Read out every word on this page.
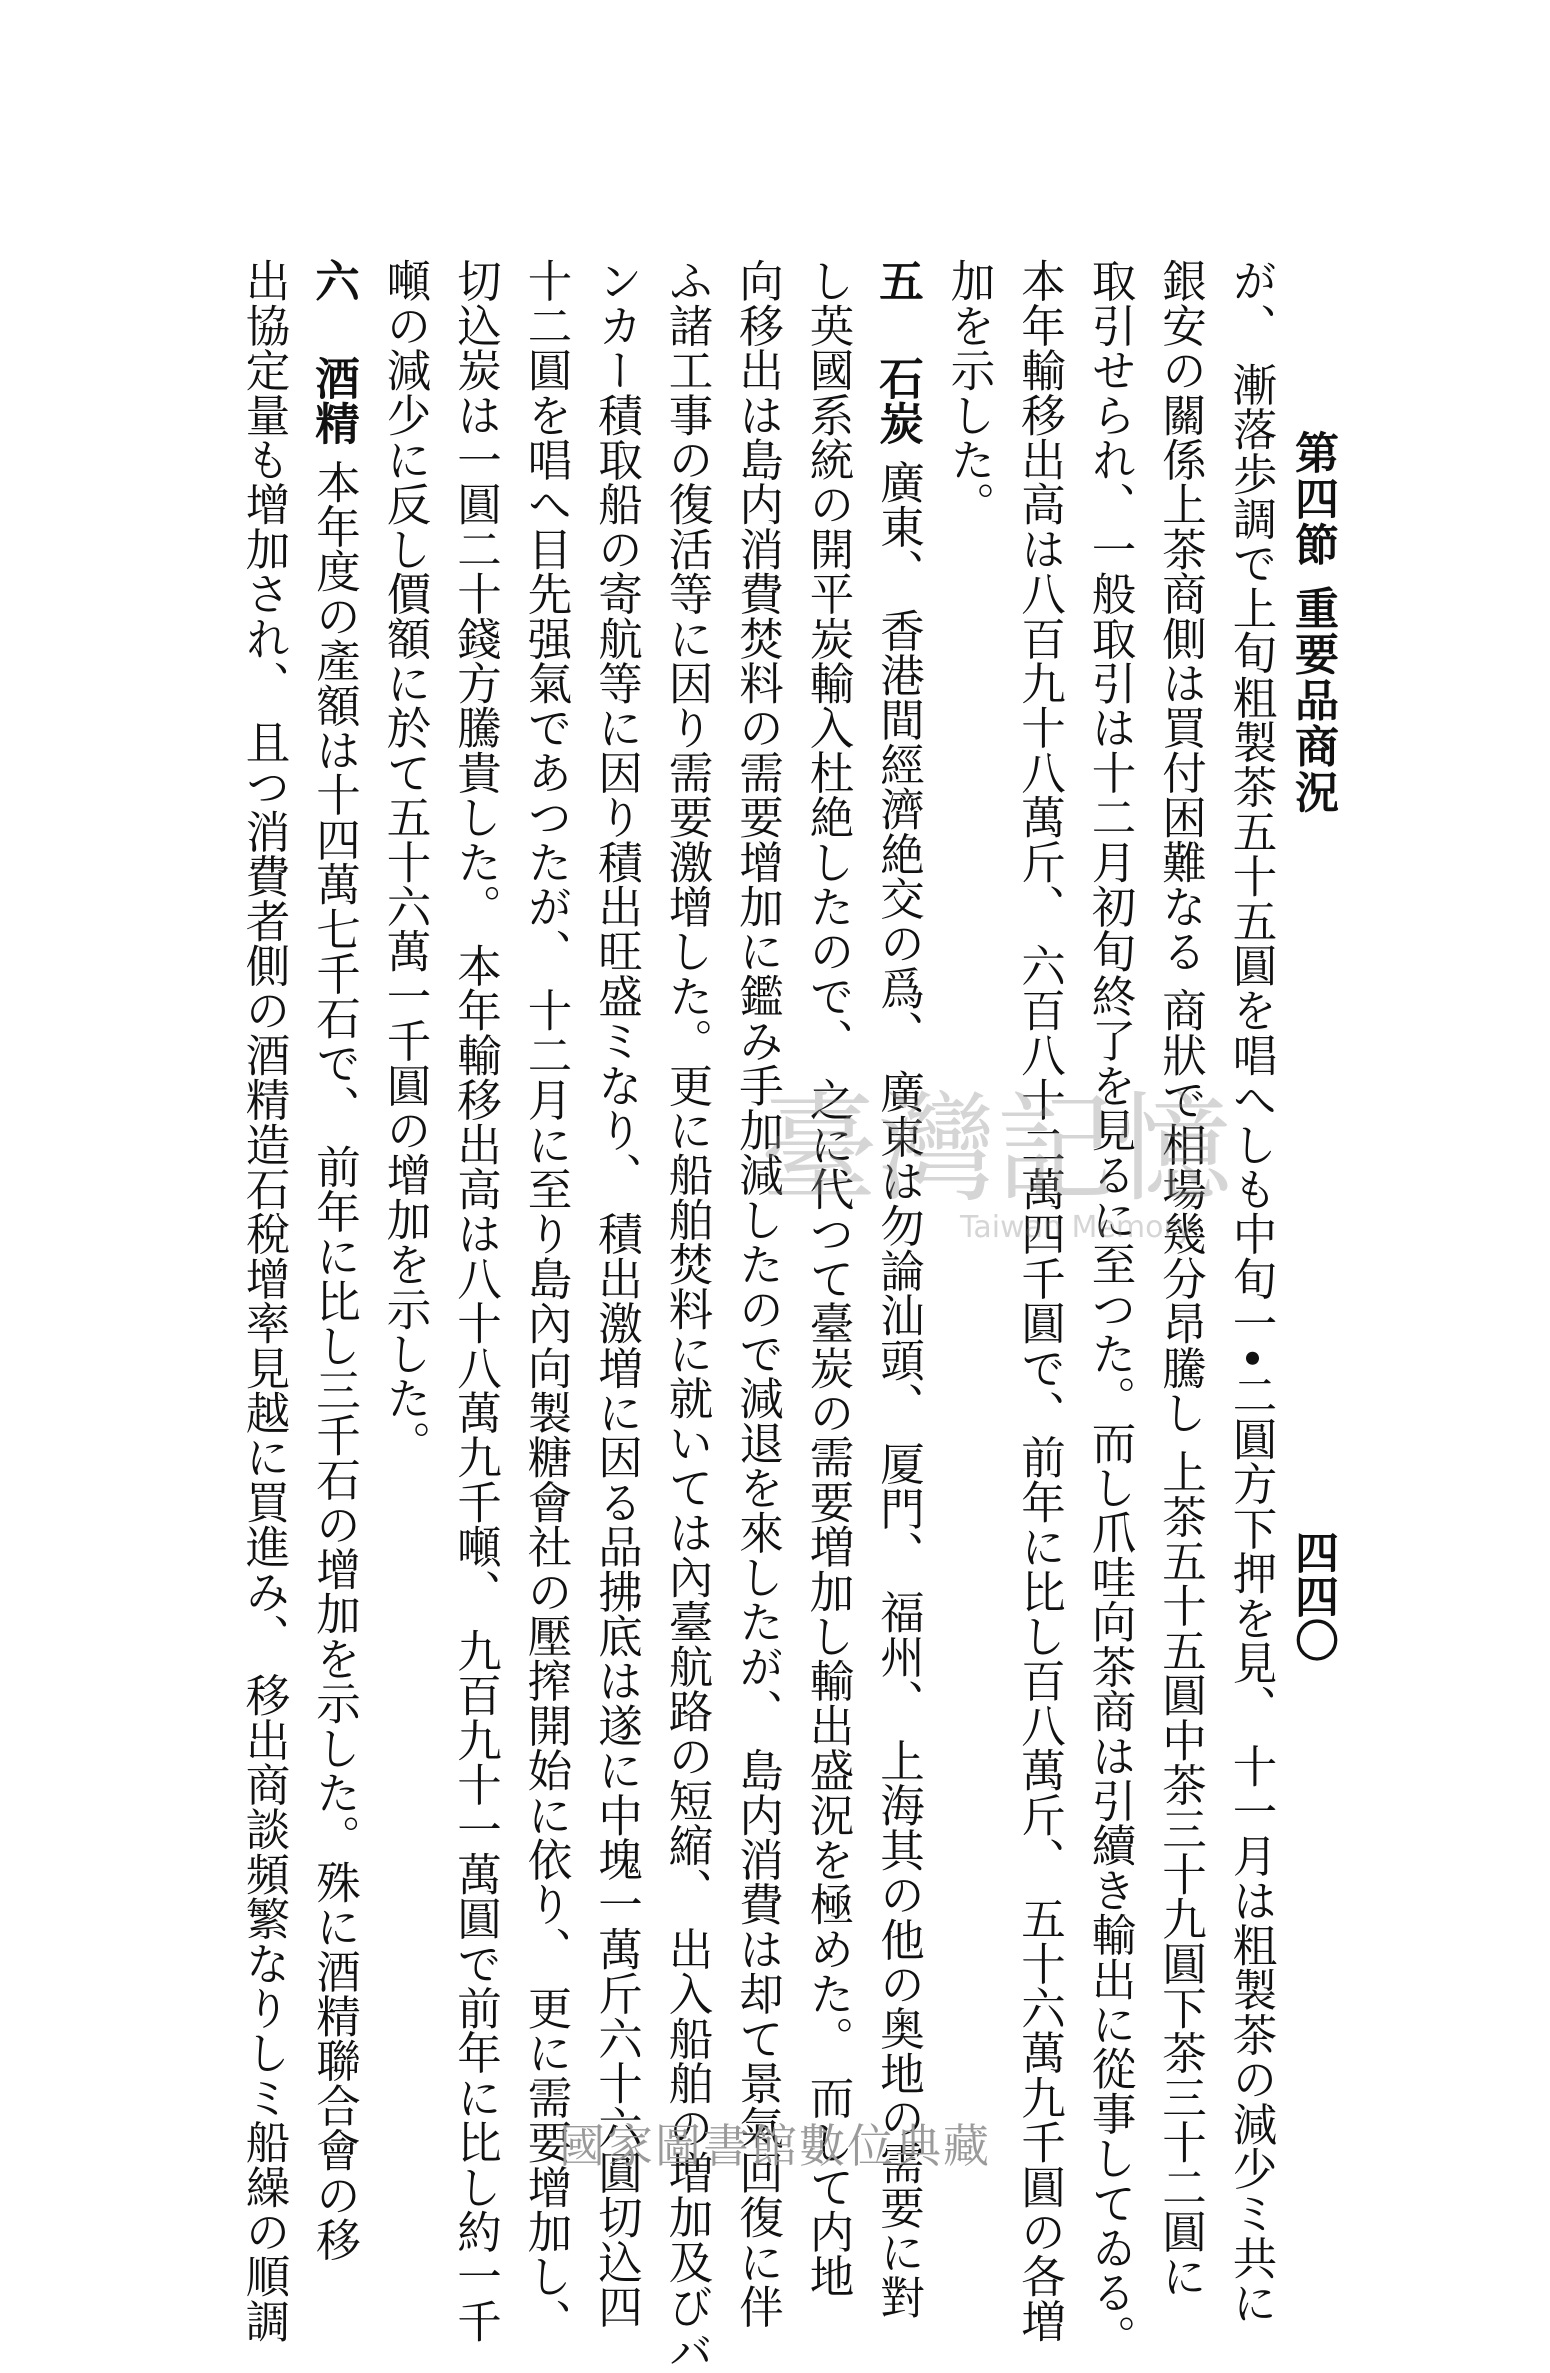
第四節 重要品商況
四四〇
が、 漸落歩調で上旬粗製茶五十五圓を唱へしも中旬一•二圓方下押を見、 十一月は粗製茶の減少ミ共に
銀安の關係上茶商側は買付困難なる 商狀で相場幾分昂騰し 上茶五十五圓中茶三十九圓下茶三十二圓に
取引せられ、一般取引は十二月初旬終了を見るに至つた。而し爪哇向茶商は引續き輸出に從事してゐる。
本年輸移出高は八百九十八萬斤、 六百八十二萬四千圓で、前年に比し百八萬斤、 五十六萬九千圓の各増
加を示した。
五  石炭 廣東、 香港間經濟絶交の爲、 廣東は勿論汕頭、 厦門、 福州、 上海其の他の奥地の需要に對
し英國系統の開平炭輸入杜絶したので、 之に代つて臺炭の需要増加し輸出盛況を極めた。 而して内地
向移出は島内消費焚料の需要增加に鑑み手加減したので減退を來したが、 島内消費は却て景氣回復に伴
ふ諸工事の復活等に因り需要激增した。更に船舶焚料に就いては內臺航路の短縮、 出入船舶の増加及びバ
ンカー積取船の寄航等に因り積出旺盛ミなり、 積出激増に因る品拂底は遂に中塊一萬斤六十六圓切込四
十二圓を唱へ目先强氣であつたが、 十二月に至り島內向製糖會社の壓搾開始に依り、 更に需要增加し、
切込炭は一圓二十錢方騰貴した。 本年輸移出高は八十八萬九千噸、 九百九十一萬圓で前年に比し約一千
噸の減少に反し價額に於て五十六萬一千圓の增加を示した。
六  酒精 本年度の產額は十四萬七千石で、 前年に比し三千石の增加を示した。殊に酒精聯合會の移
出協定量も增加され、 且つ消費者側の酒精造石稅增率見越に買進み、 移出商談頻繁なりしミ船繰の順調	臺灣記憶
Taiwan Memory
國家圖書館數位典藏
